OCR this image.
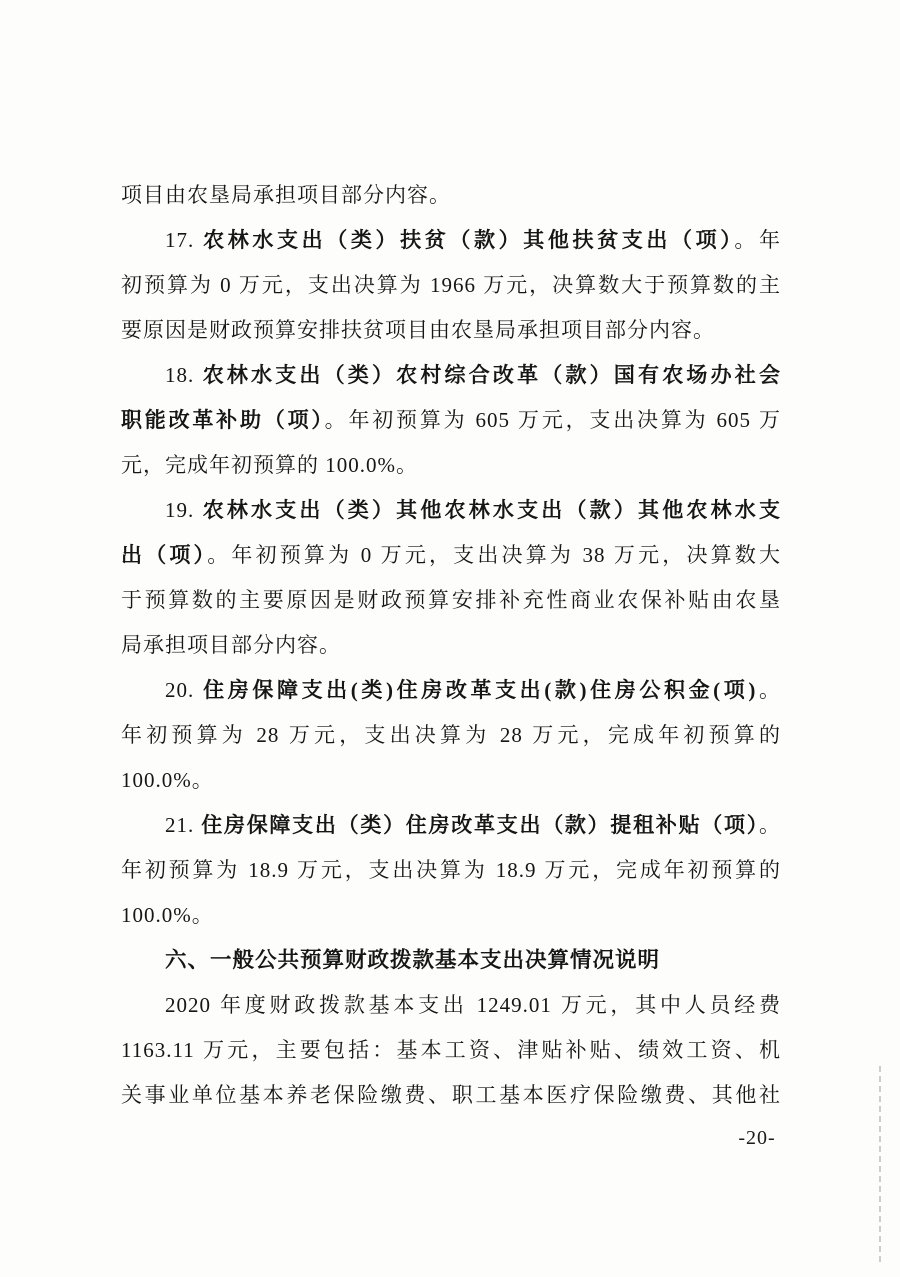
项目由农垦局承担项目部分内容。
17. 农林水支出（类）扶贫（款）其他扶贫支出（项）。年
初预算为 0 万元，支出决算为 1966 万元，决算数大于预算数的主
要原因是财政预算安排扶贫项目由农垦局承担项目部分内容。
18. 农林水支出（类）农村综合改革（款）国有农场办社会
职能改革补助（项）。年初预算为 605 万元，支出决算为 605 万
元，完成年初预算的 100.0%。
19. 农林水支出（类）其他农林水支出（款）其他农林水支
出（项）。年初预算为 0 万元，支出决算为 38 万元，决算数大
于预算数的主要原因是财政预算安排补充性商业农保补贴由农垦
局承担项目部分内容。
20. 住房保障支出(类)住房改革支出(款)住房公积金(项)。
年初预算为 28 万元，支出决算为 28 万元，完成年初预算的
100.0%。
21. 住房保障支出（类）住房改革支出（款）提租补贴（项）。
年初预算为 18.9 万元，支出决算为 18.9 万元，完成年初预算的
100.0%。
六、一般公共预算财政拨款基本支出决算情况说明
2020 年度财政拨款基本支出 1249.01 万元，其中人员经费
1163.11 万元，主要包括：基本工资、津贴补贴、绩效工资、机
关事业单位基本养老保险缴费、职工基本医疗保险缴费、其他社
-20-
